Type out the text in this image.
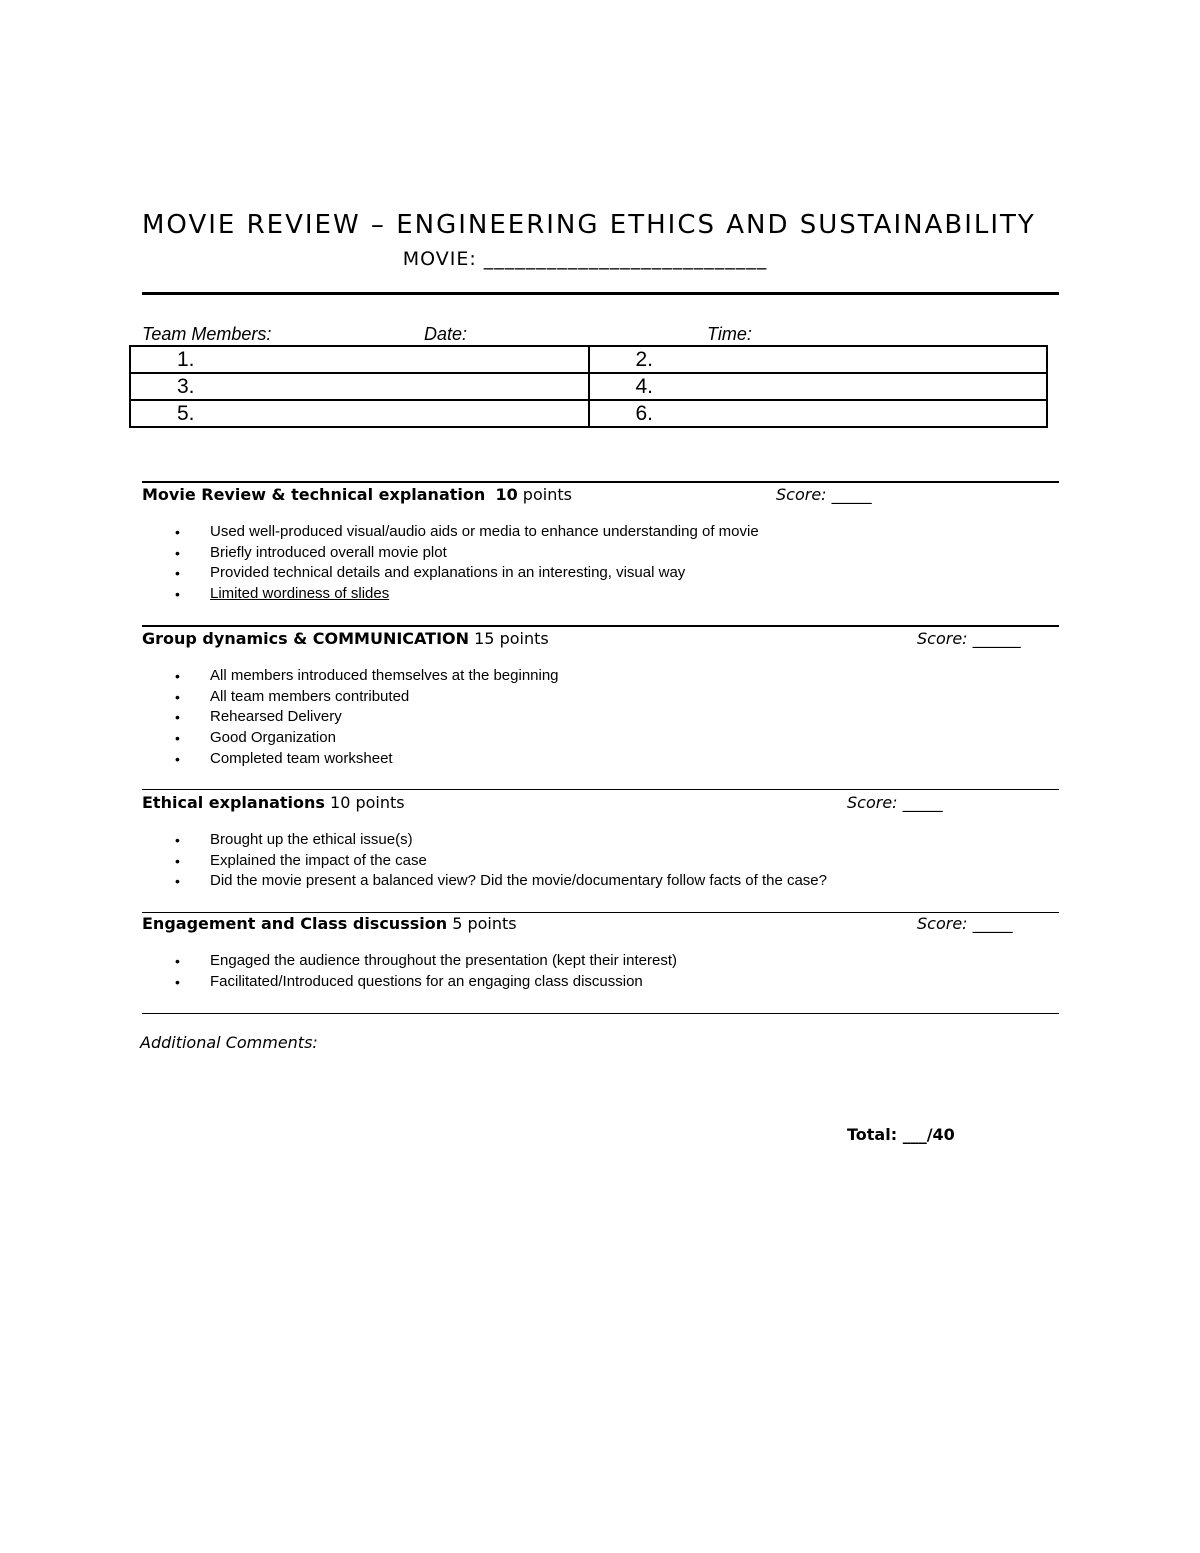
MOVIE REVIEW – ENGINEERING ETHICS AND SUSTAINABILITY
MOVIE: ___________________________
Team Members:	Date:	Time:
1.	2.
3.	4.
5.	6.
Movie Review & technical explanation 10 points	Score: _____
• Used well-produced visual/audio aids or media to enhance understanding of movie
• Briefly introduced overall movie plot
• Provided technical details and explanations in an interesting, visual way
• Limited wordiness of slides
Group dynamics & COMMUNICATION 15 points	Score: ______
• All members introduced themselves at the beginning
• All team members contributed
• Rehearsed Delivery
• Good Organization
• Completed team worksheet
Ethical explanations 10 points	Score: _____
• Brought up the ethical issue(s)
• Explained the impact of the case
• Did the movie present a balanced view? Did the movie/documentary follow facts of the case?
Engagement and Class discussion 5 points	Score: _____
• Engaged the audience throughout the presentation (kept their interest)
• Facilitated/Introduced questions for an engaging class discussion
Additional Comments:
Total: ___/40
